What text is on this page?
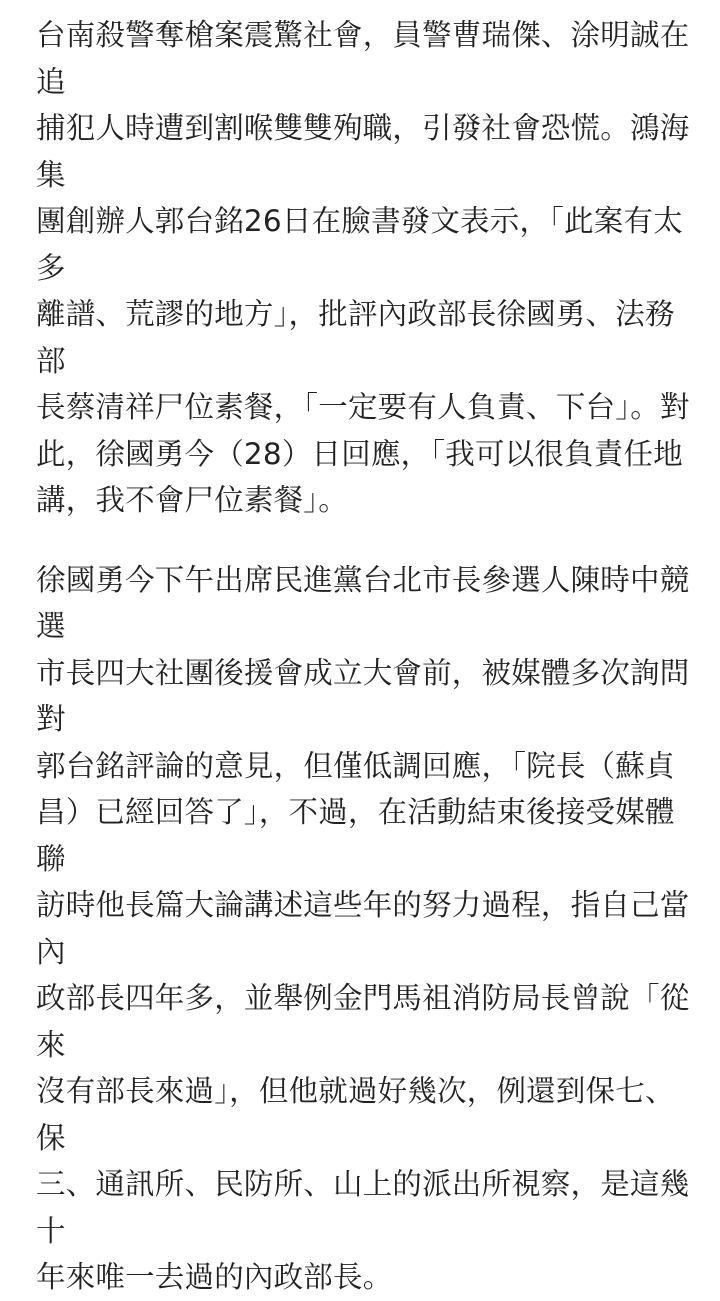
台南殺警奪槍案震驚社會，員警曹瑞傑、涂明誠在追
捕犯人時遭到割喉雙雙殉職，引發社會恐慌。鴻海集
團創辦人郭台銘26日在臉書發文表示，「此案有太多
離譜、荒謬的地方」，批評內政部長徐國勇、法務部
長蔡清祥尸位素餐，「一定要有人負責、下台」。對
此，徐國勇今（28）日回應，「我可以很負責任地
講，我不會尸位素餐」。

徐國勇今下午出席民進黨台北市長參選人陳時中競選
市長四大社團後援會成立大會前，被媒體多次詢問對
郭台銘評論的意見，但僅低調回應，「院長（蘇貞
昌）已經回答了」，不過，在活動結束後接受媒體聯
訪時他長篇大論講述這些年的努力過程，指自己當內
政部長四年多，並舉例金門馬祖消防局長曾說「從來
沒有部長來過」，但他就過好幾次，例還到保七、保
三、通訊所、民防所、山上的派出所視察，是這幾十
年來唯一去過的內政部長。
